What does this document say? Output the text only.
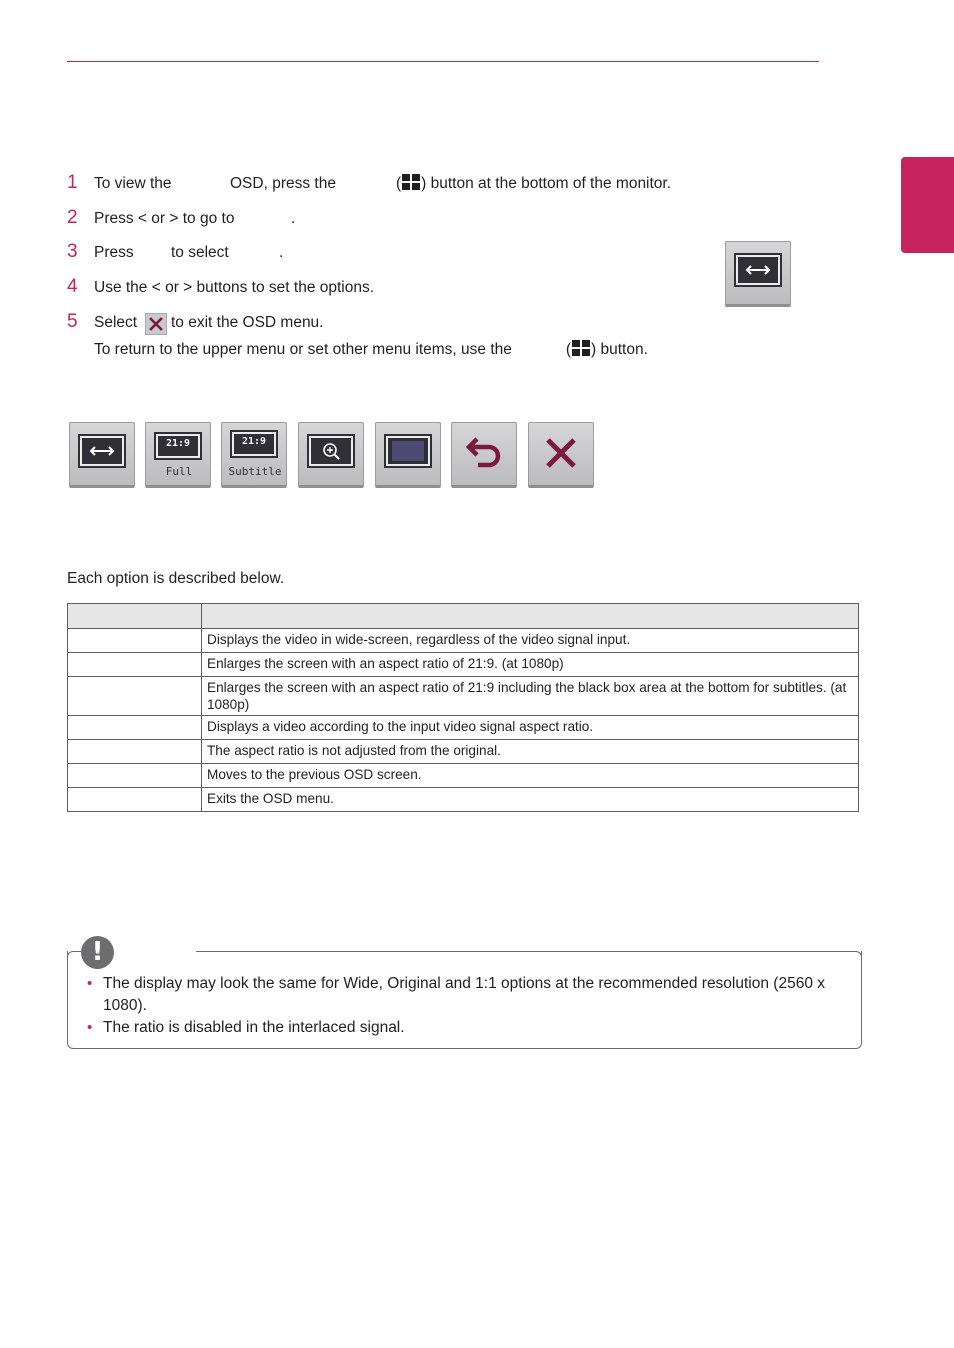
1	To view the	OSD, press the	( ) button at the bottom of the monitor.
2	Press < or > to go to	.
3	Press to select	.
4	Use the < or > buttons to set the options.
5	Select to exit the OSD menu.
To return to the upper menu or set other menu items, use the	( ) button.
21:9
Full
21:9
Subtitle
Each option is described below.

	Displays the video in wide-screen, regardless of the video signal input.
	Enlarges the screen with an aspect ratio of 21:9. (at 1080p)
	Enlarges the screen with an aspect ratio of 21:9 including the black box area at the bottom for subtitles. (at 1080p)
	Displays a video according to the input video signal aspect ratio.
	The aspect ratio is not adjusted from the original.
	Moves to the previous OSD screen.
	Exits the OSD menu.
!
• The display may look the same for Wide, Original and 1:1 options at the recommended resolution (2560 x 1080).
• The ratio is disabled in the interlaced signal.
